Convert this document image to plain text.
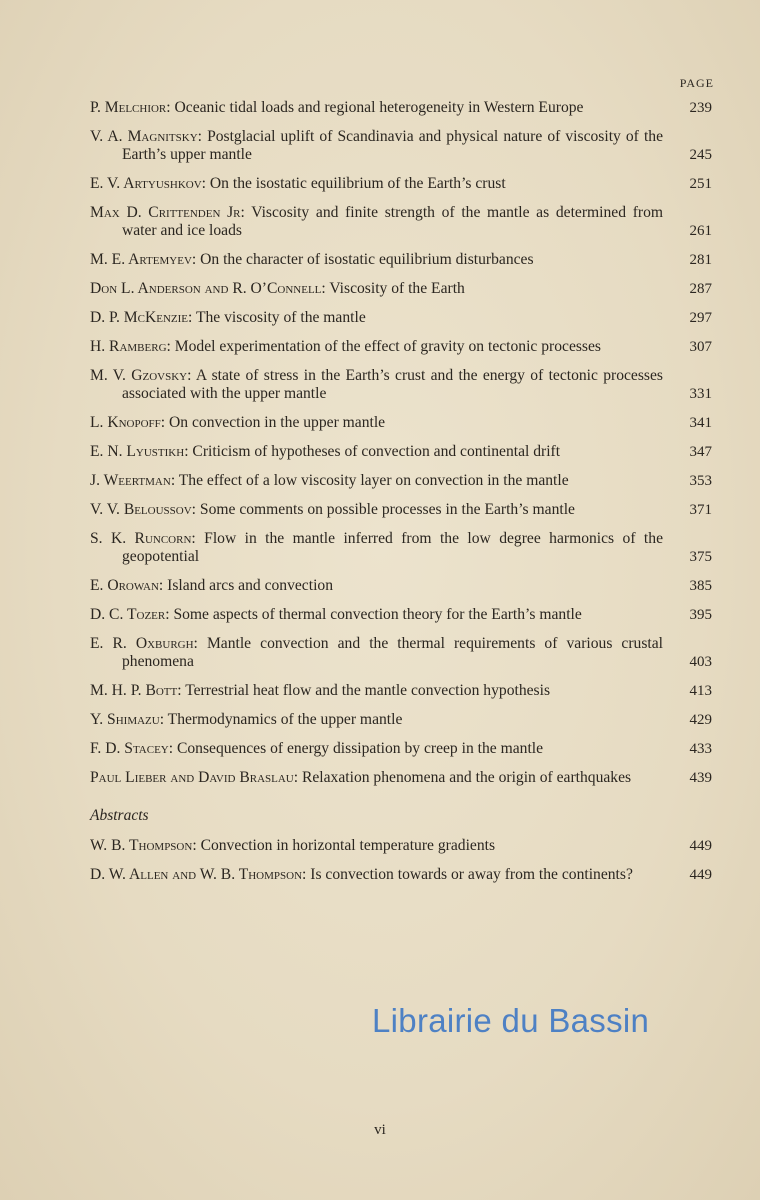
PAGE
P. Melchior: Oceanic tidal loads and regional heterogeneity in Western Europe	239
V. A. Magnitsky: Postglacial uplift of Scandinavia and physical nature of viscosity of the Earth’s upper mantle	245
E. V. Artyushkov: On the isostatic equilibrium of the Earth’s crust	251
Max D. Crittenden Jr: Viscosity and finite strength of the mantle as determined from water and ice loads	261
M. E. Artemyev: On the character of isostatic equilibrium disturbances	281
Don L. Anderson and R. O’Connell: Viscosity of the Earth	287
D. P. McKenzie: The viscosity of the mantle	297
H. Ramberg: Model experimentation of the effect of gravity on tectonic processes	307
M. V. Gzovsky: A state of stress in the Earth’s crust and the energy of tectonic processes associated with the upper mantle	331
L. Knopoff: On convection in the upper mantle	341
E. N. Lyustikh: Criticism of hypotheses of convection and continental drift	347
J. Weertman: The effect of a low viscosity layer on convection in the mantle	353
V. V. Beloussov: Some comments on possible processes in the Earth’s mantle	371
S. K. Runcorn: Flow in the mantle inferred from the low degree harmonics of the geopotential	375
E. Orowan: Island arcs and convection	385
D. C. Tozer: Some aspects of thermal convection theory for the Earth’s mantle	395
E. R. Oxburgh: Mantle convection and the thermal requirements of various crustal phenomena	403
M. H. P. Bott: Terrestrial heat flow and the mantle convection hypothesis	413
Y. Shimazu: Thermodynamics of the upper mantle	429
F. D. Stacey: Consequences of energy dissipation by creep in the mantle	433
Paul Lieber and David Braslau: Relaxation phenomena and the origin of earthquakes	439
Abstracts
W. B. Thompson: Convection in horizontal temperature gradients	449
D. W. Allen and W. B. Thompson: Is convection towards or away from the continents?	449
vi
Librairie du Bassin
